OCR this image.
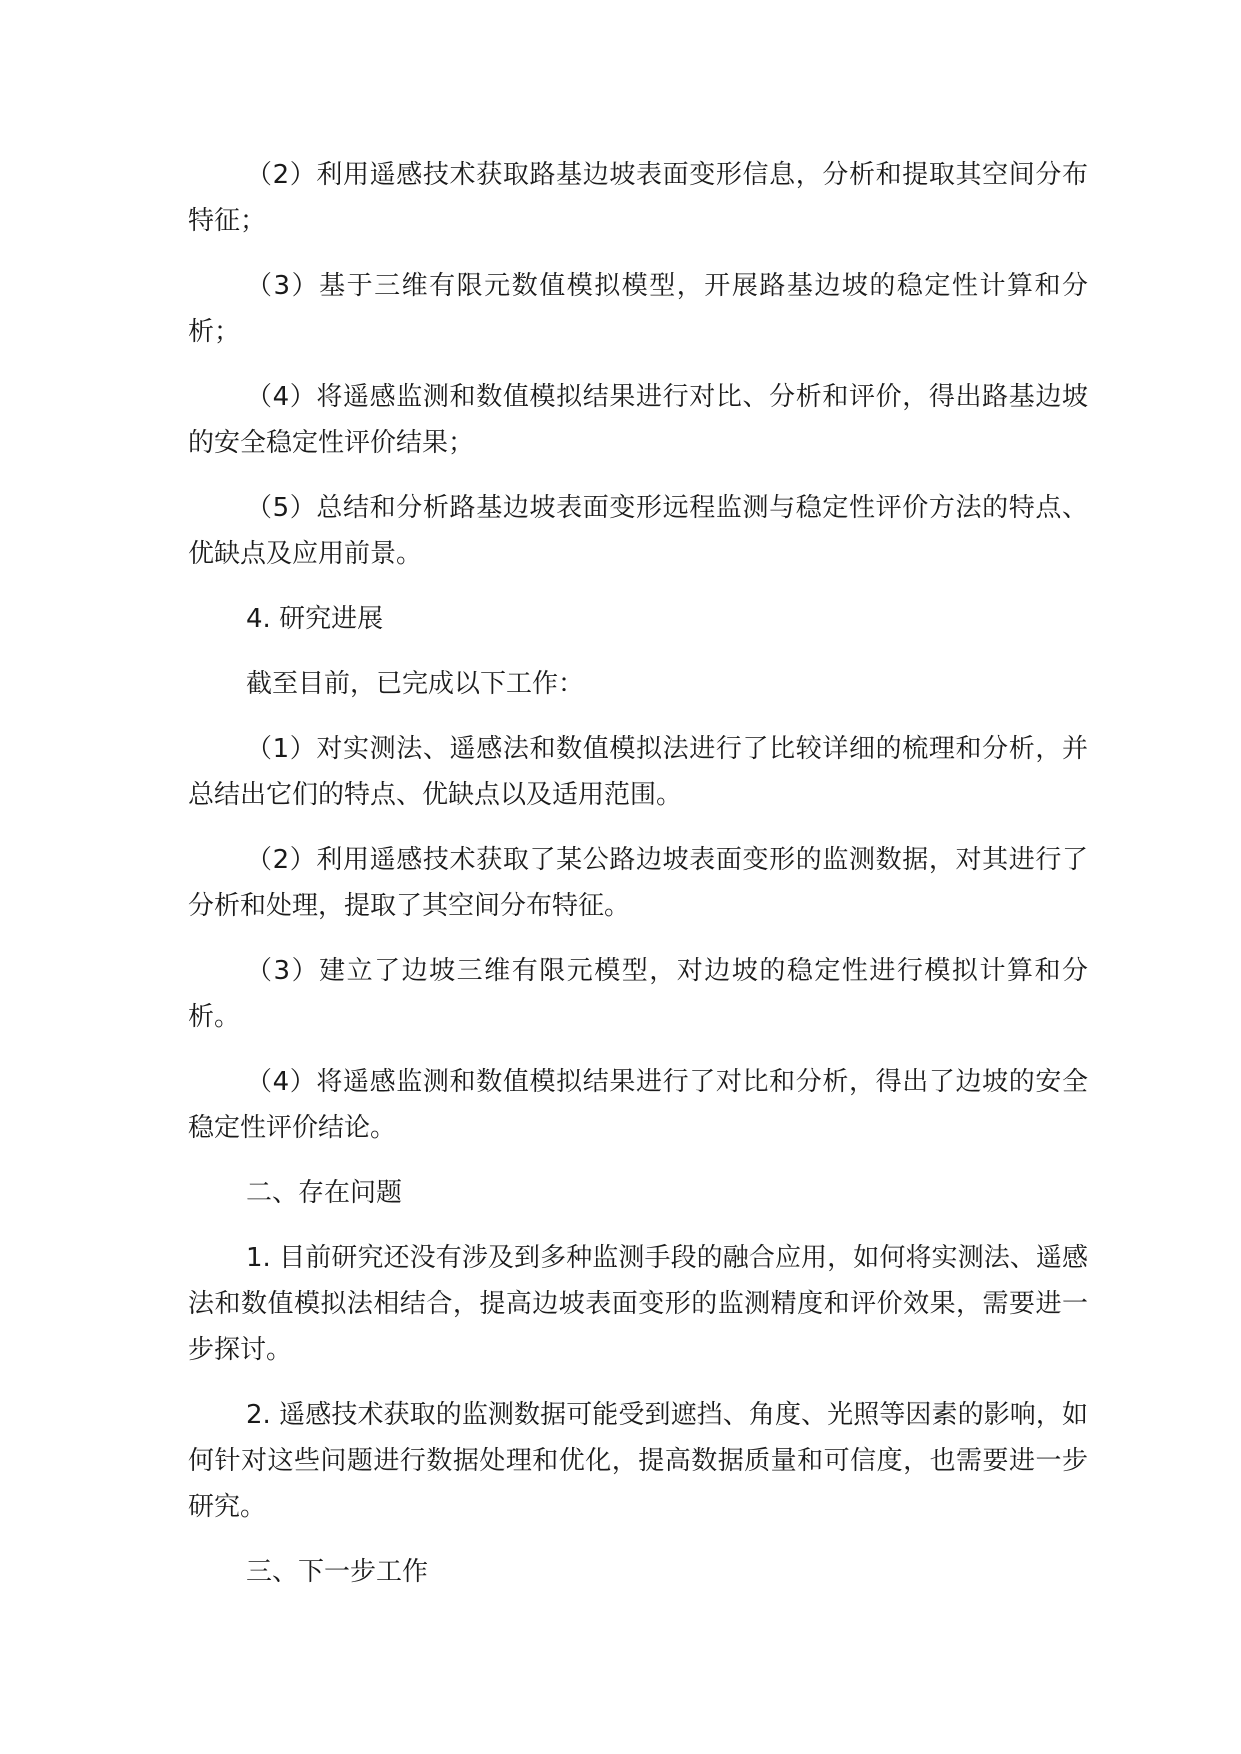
（2）利用遥感技术获取路基边坡表面变形信息，分析和提取其空间分布特征；

（3）基于三维有限元数值模拟模型，开展路基边坡的稳定性计算和分析；

（4）将遥感监测和数值模拟结果进行对比、分析和评价，得出路基边坡的安全稳定性评价结果；

（5）总结和分析路基边坡表面变形远程监测与稳定性评价方法的特点、优缺点及应用前景。

4. 研究进展

截至目前，已完成以下工作：

（1）对实测法、遥感法和数值模拟法进行了比较详细的梳理和分析，并总结出它们的特点、优缺点以及适用范围。

（2）利用遥感技术获取了某公路边坡表面变形的监测数据，对其进行了分析和处理，提取了其空间分布特征。

（3）建立了边坡三维有限元模型，对边坡的稳定性进行模拟计算和分析。

（4）将遥感监测和数值模拟结果进行了对比和分析，得出了边坡的安全稳定性评价结论。

二、存在问题

1. 目前研究还没有涉及到多种监测手段的融合应用，如何将实测法、遥感法和数值模拟法相结合，提高边坡表面变形的监测精度和评价效果，需要进一步探讨。

2. 遥感技术获取的监测数据可能受到遮挡、角度、光照等因素的影响，如何针对这些问题进行数据处理和优化，提高数据质量和可信度，也需要进一步研究。

三、下一步工作
